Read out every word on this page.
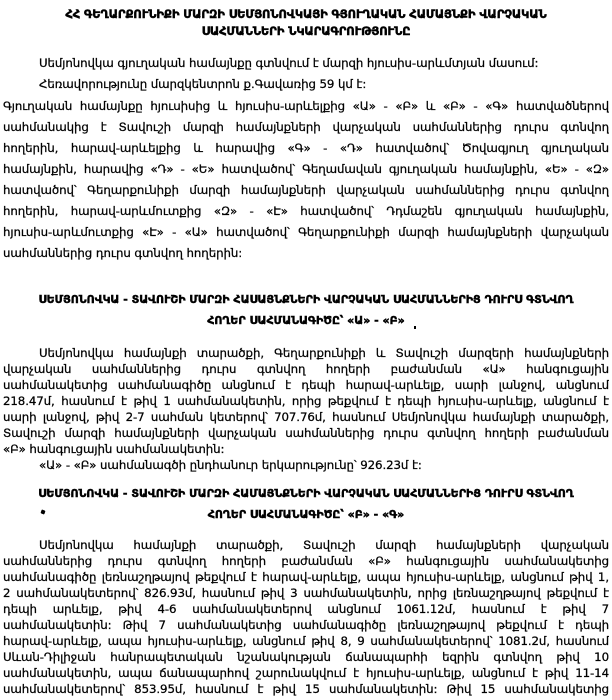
ՀՀ ԳԵՂԱՐՔՈՒՆԻՔԻ ՄԱՐԶԻ ՍԵՄՅՈՆՈՎԿԱՅԻ ԳՅՈՒՂԱԿԱՆ ՀԱՄԱՅՆՔԻ ՎԱՐՉԱԿԱՆ
ՍԱՀՄԱՆՆԵՐԻ ՆԿԱՐԱԳՐՈՒԹՅՈՒՆԸ
Սեմյոնովկա գյուղական համայնքը գտնվում է մարզի հյուսիս-արևմտյան մասում:
Հեռավորությունը մարզկենտրոն ք.Գավառից 59 կմ է:
Գյուղական համայնքը հյուսիսից և հյուսիս-արևելքից «Ա» - «Բ» և «Բ» - «Գ» հատվածներով
սահմանակից է Տավուշի մարզի համայնքների վարչական սահմաններից դուրս գտնվող
հողերին, հարավ-արևելքից և հարավից «Գ» - «Դ» հատվածով՝ Ծովագյուղ գյուղական
համայնքին, հարավից «Դ» - «Ե» հատվածով՝ Գեղամավան գյուղական համայնքին, «Ե» - «Զ»
հատվածով՝ Գեղարքունիքի մարզի համայնքների վարչական սահմաններից դուրս գտնվող
հողերին, հարավ-արևմուտքից «Զ» - «Է» հատվածով՝ Դդմաշեն գյուղական համայնքին,
հյուսիս-արևմուտքից «Է» - «Ա» հատվածով՝ Գեղարքունիքի մարզի համայնքների վարչական
սահմաններից դուրս գտնվող հողերին:
ՍԵՄՅՈՆՈՎԿԱ - ՏԱՎՈՒՇԻ ՄԱՐԶԻ ՀԱՍԱՅՆՔՆԵՐԻ ՎԱՐՉԱԿԱՆ ՍԱՀՄԱՆՆԵՐԻՑ ԴՈՒՐՍ ԳՏՆՎՈՂ
ՀՈՂԵՐ ՍԱՀՄԱՆԱԳԻԾԸ՝ «Ա» - «Բ»
Սեմյոնովկա համայնքի տարածքի, Գեղարքունիքի և Տավուշի մարզերի համայնքների
վարչական սահմաններից դուրս գտնվող հողերի բաժանման «Ա» հանգուցային
սահմանակետից սահմանագիծը անցնում է դեպի հարավ-արևելք, սարի լանջով, անցնում
218.47մ, հասնում է թիվ 1 սահմանակետին, որից թեքվում է դեպի հյուսիս-արևելք, անցնում է
սարի լանջով, թիվ 2-7 սահման կետերով՝ 707.76մ, հասնում Սեմյոնովկա համայնքի տարածքի,
Տավուշի մարզի համայնքների վարչական սահմաններից դուրս գտնվող հողերի բաժանման
«Բ» հանգուցային սահմանակետին:
«Ա» - «Բ» սահմանագծի ընդհանուր երկարությունը՝ 926.23մ է:
ՍԵՄՅՈՆՈՎԿԱ - ՏԱՎՈՒՇԻ ՄԱՐԶԻ ՀԱՄԱՅՆՔՆԵՐԻ ՎԱՐՉԱԿԱՆ ՍԱՀՄԱՆՆԵՐԻՑ ԴՈՒՐՍ ԳՏՆՎՈՂ
ՀՈՂԵՐ ՍԱՀՄԱՆԱԳԻԾԸ՝ «Բ» - «Գ»
Սեմյոնովկա համայնքի տարածքի, Տավուշի մարզի համայնքների վարչական
սահմաններից դուրս գտնվող հողերի բաժանման «Բ» հանգուցային սահմանակետից
սահմանագիծը լեռնաշղթայով թեքվում է հարավ-արևելք, ապա հյուսիս-արևելք, անցնում թիվ 1,
2 սահմանակետերով՝ 826.93մ, հասնում թիվ 3 սահմանակետին, որից լեռնաշղթայով թեքվում է
դեպի արևելք, թիվ 4-6 սահմանակետերով անցնում 1061.12մ, հասնում է թիվ 7
սահմանակետին: Թիվ 7 սահմանակետից սահմանագիծը լեռնաշղթայով թեքվում է դեպի
հարավ-արևելք, ապա հյուսիս-արևելք, անցնում թիվ 8, 9 սահմանակետերով՝ 1081.2մ, հասնում
Սևան-Դիլիջան հանրապետական նշանակության ճանապարհի եզրին գտնվող թիվ 10
սահմանակետին, ապա ճանապարհով շարունակվում է հյուսիս-արևելք, անցնում է թիվ 11-14
սահմանակետերով՝ 853.95մ, հասնում է թիվ 15 սահմանակետին: Թիվ 15 սահմանակետից
